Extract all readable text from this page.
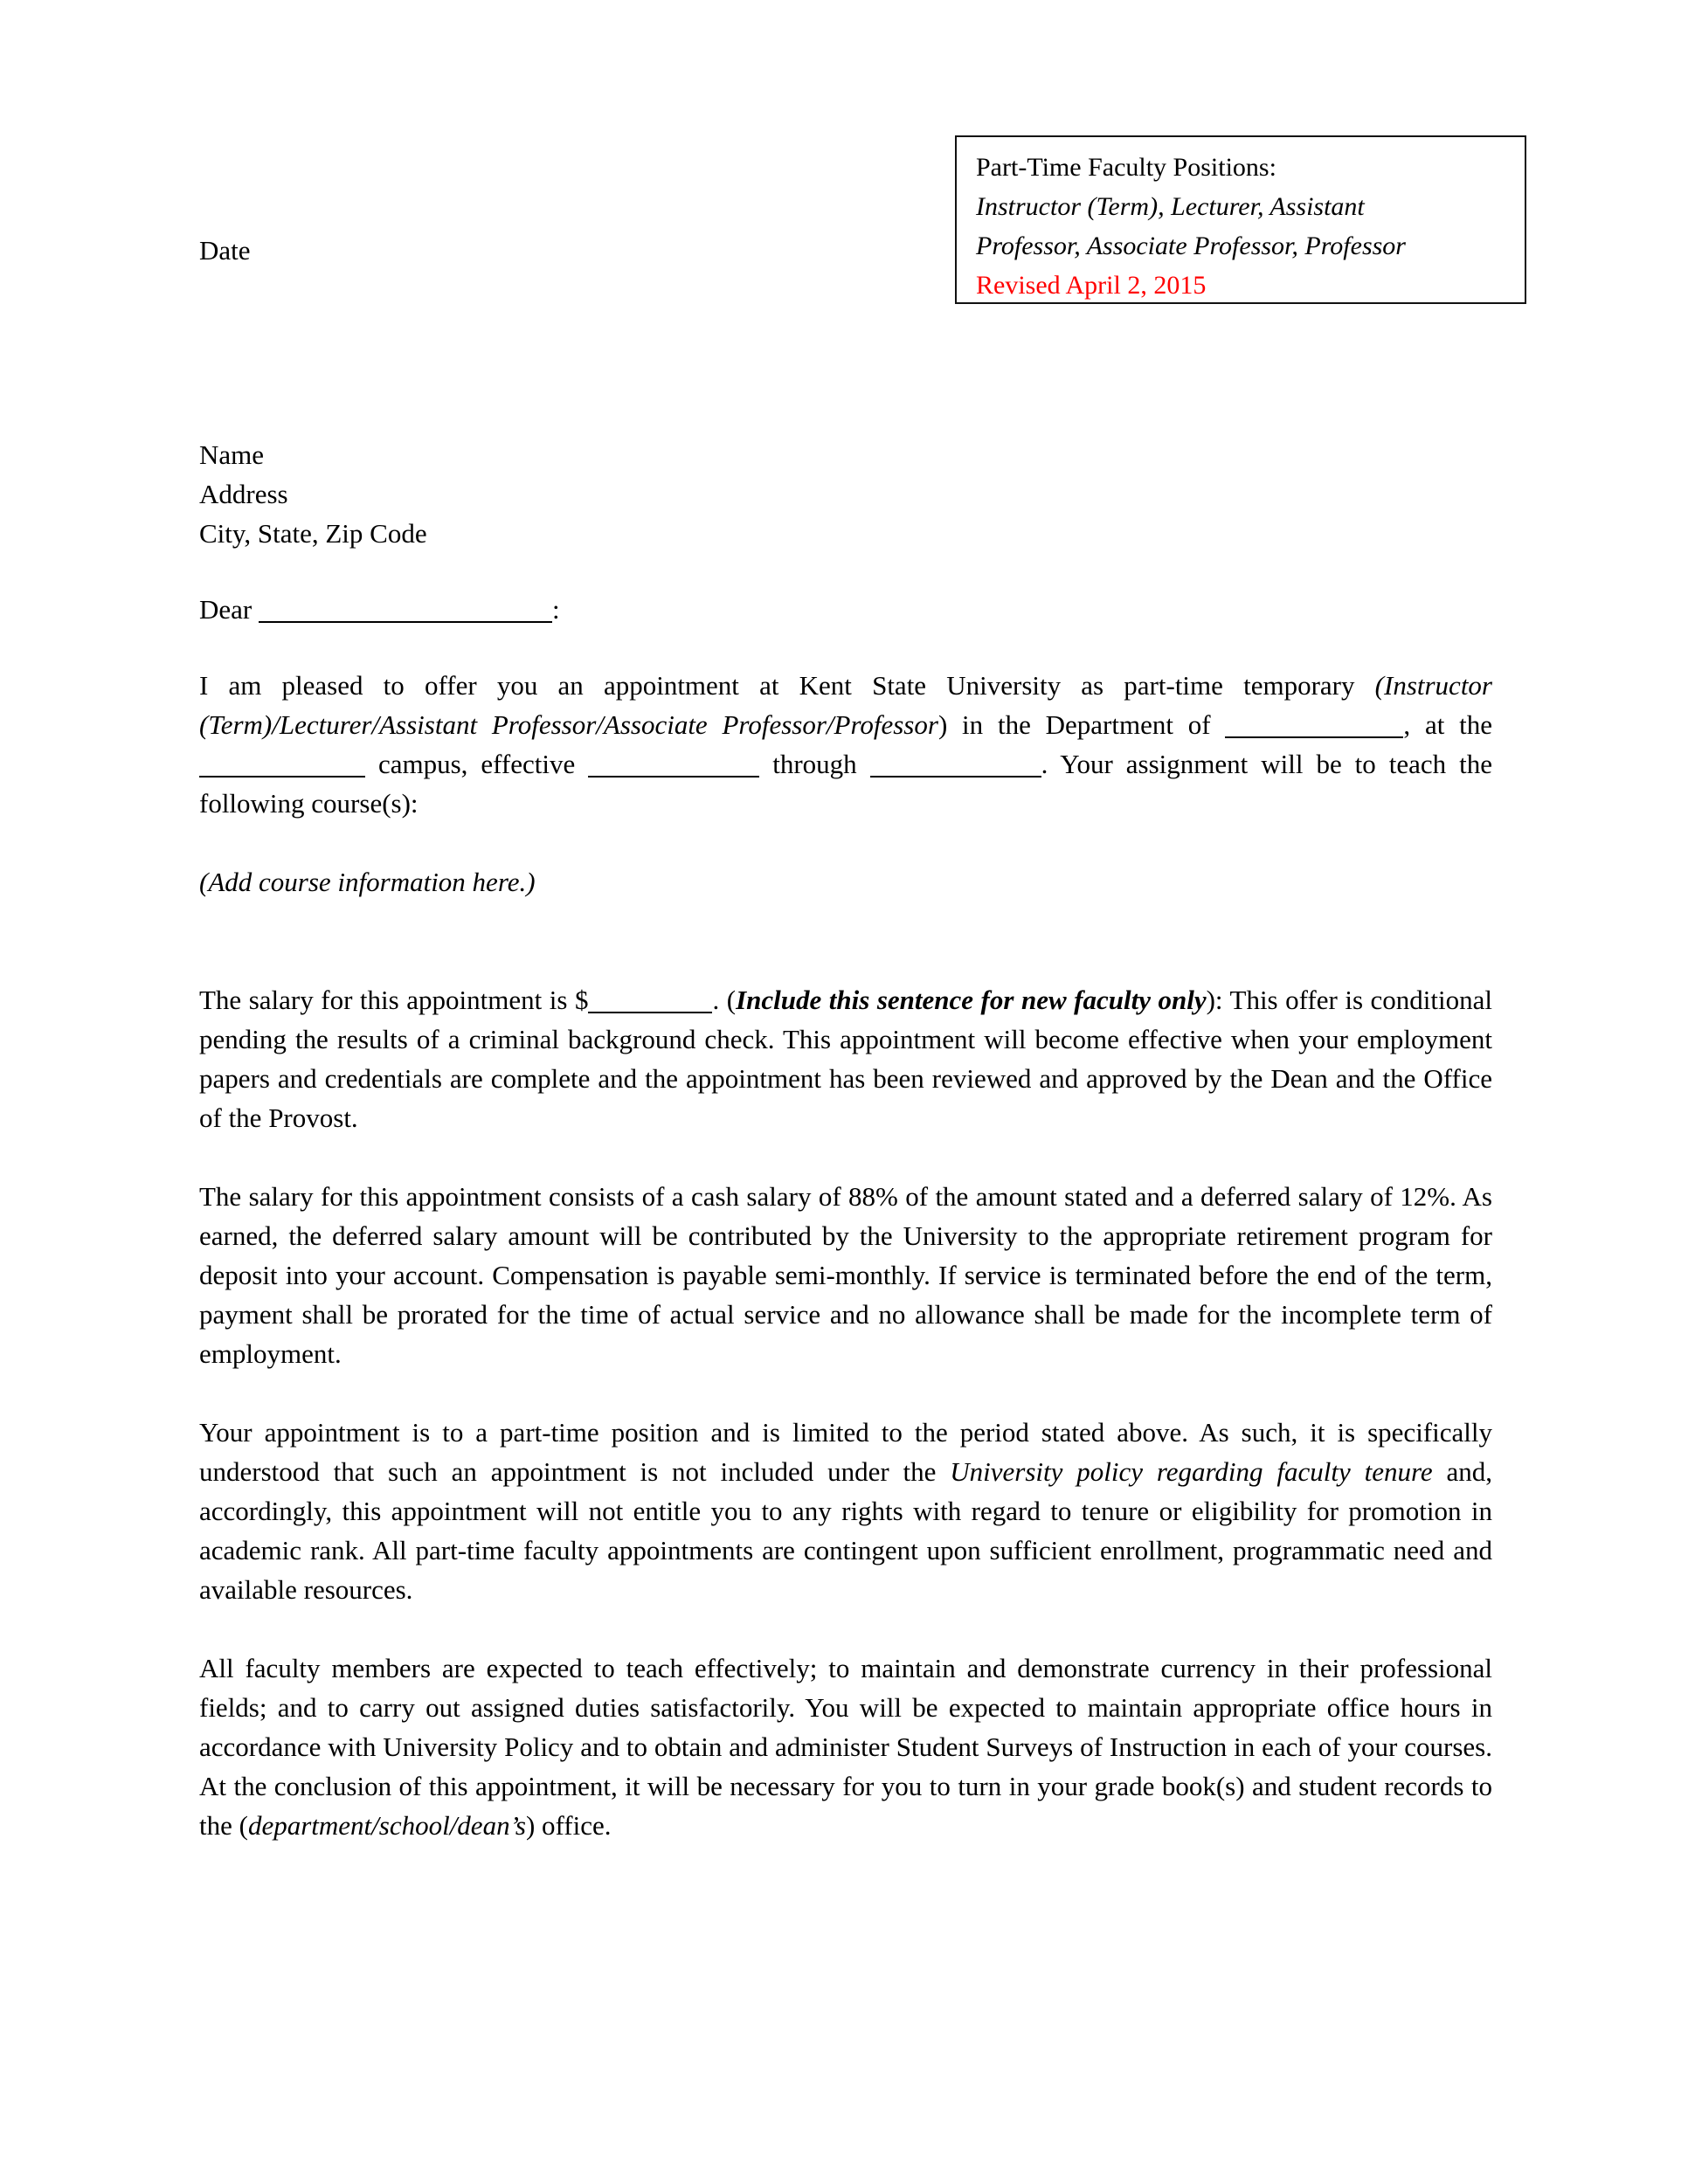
Part-Time Faculty Positions:
Instructor (Term), Lecturer, Assistant
Professor, Associate Professor, Professor
Revised April 2, 2015
Date
Name
Address
City, State, Zip Code
Dear	:

I am pleased to offer you an appointment at Kent State University as part-time temporary (Instructor (Term)/Lecturer/Assistant Professor/Associate Professor/Professor) in the Department of	, at the  campus, effective	through	. Your assignment will be to teach the following course(s):

(Add course information here.)

The salary for this appointment is $	. (Include this sentence for new faculty only): This offer is conditional pending the results of a criminal background check. This appointment will become effective when your employment papers and credentials are complete and the appointment has been reviewed and approved by the Dean and the Office of the Provost.

The salary for this appointment consists of a cash salary of 88% of the amount stated and a deferred salary of 12%. As earned, the deferred salary amount will be contributed by the University to the appropriate retirement program for deposit into your account. Compensation is payable semi-monthly. If service is terminated before the end of the term, payment shall be prorated for the time of actual service and no allowance shall be made for the incomplete term of employment.

Your appointment is to a part-time position and is limited to the period stated above. As such, it is specifically understood that such an appointment is not included under the University policy regarding faculty tenure and, accordingly, this appointment will not entitle you to any rights with regard to tenure or eligibility for promotion in academic rank. All part-time faculty appointments are contingent upon sufficient enrollment, programmatic need and available resources.

All faculty members are expected to teach effectively; to maintain and demonstrate currency in their professional fields; and to carry out assigned duties satisfactorily. You will be expected to maintain appropriate office hours in accordance with University Policy and to obtain and administer Student Surveys of Instruction in each of your courses. At the conclusion of this appointment, it will be necessary for you to turn in your grade book(s) and student records to the (department/school/dean’s) office.
